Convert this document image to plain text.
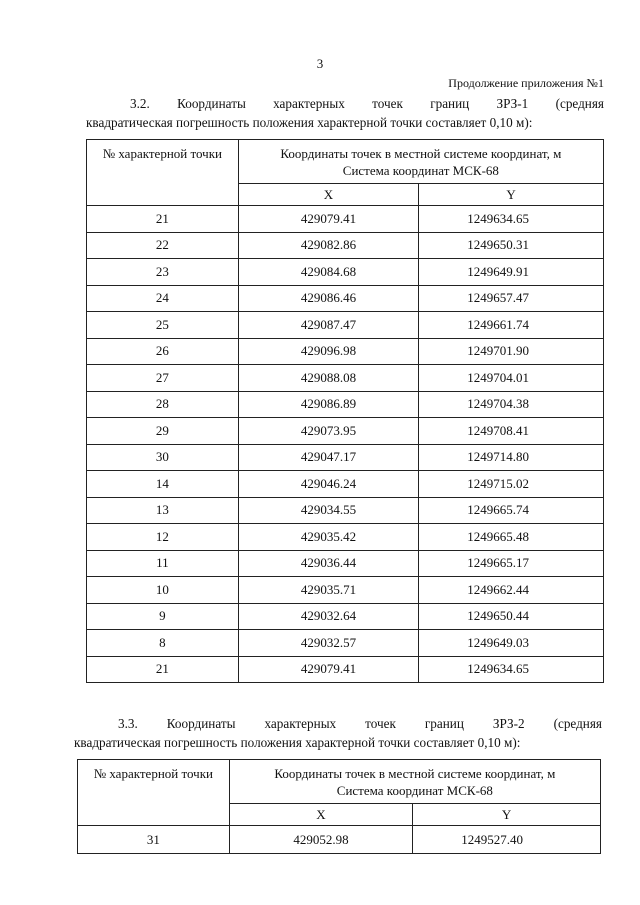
3
Продолжение приложения №1
3.2. Координаты характерных точек границ ЗРЗ-1 (средняя
квадратическая погрешность положения характерной точки составляет 0,10 м):
№ характерной точки	Координаты точек в местной системе координат, м
Система координат МСК-68	

	X	Y
21	429079.41	1249634.65
22	429082.86	1249650.31
23	429084.68	1249649.91
24	429086.46	1249657.47
25	429087.47	1249661.74
26	429096.98	1249701.90
27	429088.08	1249704.01
28	429086.89	1249704.38
29	429073.95	1249708.41
30	429047.17	1249714.80
14	429046.24	1249715.02
13	429034.55	1249665.74
12	429035.42	1249665.48
11	429036.44	1249665.17
10	429035.71	1249662.44
9	429032.64	1249650.44
8	429032.57	1249649.03
21	429079.41	1249634.65
3.3. Координаты характерных точек границ ЗРЗ-2 (средняя
квадратическая погрешность положения характерной точки составляет 0,10 м):
№ характерной точки	Координаты точек в местной системе координат, м
Система координат МСК-68	

	X	Y
31	429052.98	1249527.40
